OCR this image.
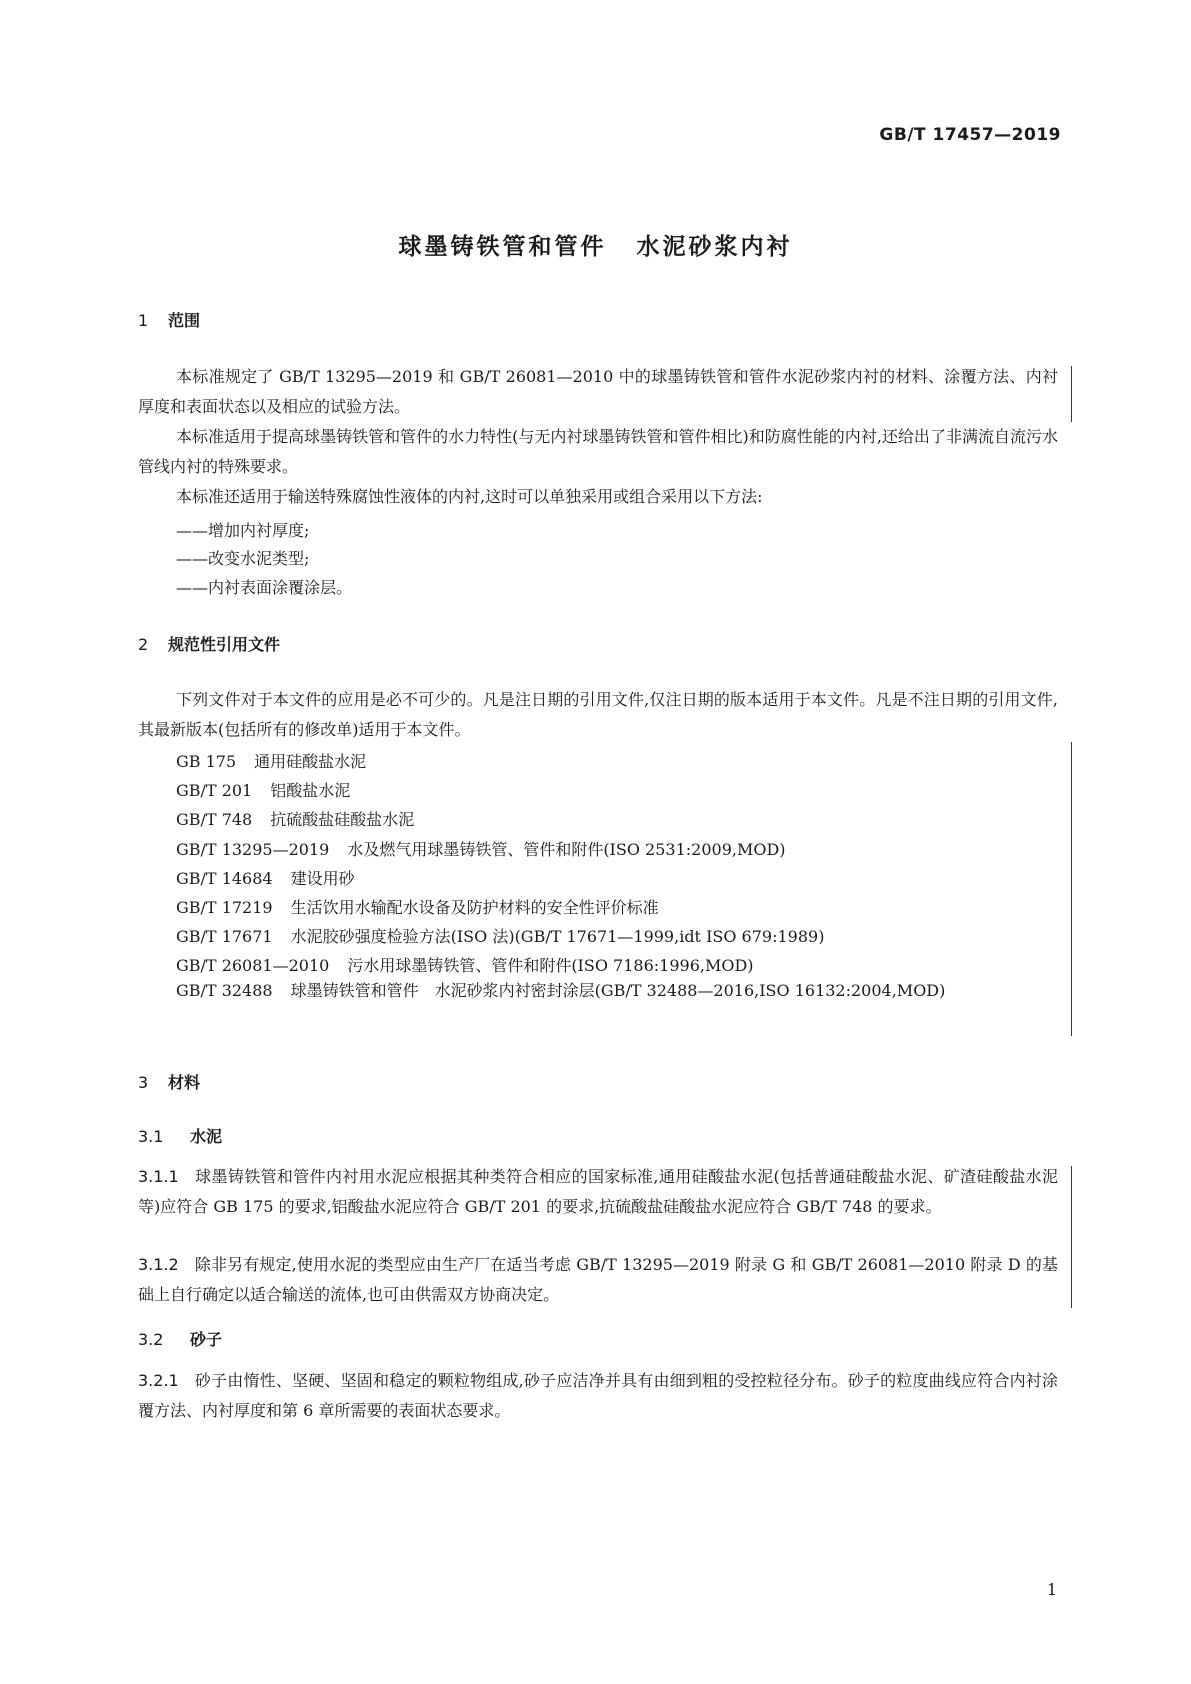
GB/T 17457—2019
球墨铸铁管和管件 水泥砂浆内衬
1 范围
本标准规定了 GB/T 13295—2019 和 GB/T 26081—2010 中的球墨铸铁管和管件水泥砂浆内衬的材料、涂覆方法、内衬厚度和表面状态以及相应的试验方法。
本标准适用于提高球墨铸铁管和管件的水力特性(与无内衬球墨铸铁管和管件相比)和防腐性能的内衬,还给出了非满流自流污水管线内衬的特殊要求。
本标准还适用于输送特殊腐蚀性液体的内衬,这时可以单独采用或组合采用以下方法:
——增加内衬厚度;
——改变水泥类型;
——内衬表面涂覆涂层。
2 规范性引用文件
下列文件对于本文件的应用是必不可少的。凡是注日期的引用文件,仅注日期的版本适用于本文件。凡是不注日期的引用文件,其最新版本(包括所有的修改单)适用于本文件。
GB 175 通用硅酸盐水泥
GB/T 201 铝酸盐水泥
GB/T 748 抗硫酸盐硅酸盐水泥
GB/T 13295—2019 水及燃气用球墨铸铁管、管件和附件(ISO 2531:2009,MOD)
GB/T 14684 建设用砂
GB/T 17219 生活饮用水输配水设备及防护材料的安全性评价标准
GB/T 17671 水泥胶砂强度检验方法(ISO 法)(GB/T 17671—1999,idt ISO 679:1989)
GB/T 26081—2010 污水用球墨铸铁管、管件和附件(ISO 7186:1996,MOD)
GB/T 32488 球墨铸铁管和管件　水泥砂浆内衬密封涂层(GB/T 32488—2016,ISO 16132:2004,MOD)
3 材料
3.1 水泥
3.1.1 球墨铸铁管和管件内衬用水泥应根据其种类符合相应的国家标准,通用硅酸盐水泥(包括普通硅酸盐水泥、矿渣硅酸盐水泥等)应符合 GB 175 的要求,铝酸盐水泥应符合 GB/T 201 的要求,抗硫酸盐硅酸盐水泥应符合 GB/T 748 的要求。
3.1.2 除非另有规定,使用水泥的类型应由生产厂在适当考虑 GB/T 13295—2019 附录 G 和 GB/T 26081—2010 附录 D 的基础上自行确定以适合输送的流体,也可由供需双方协商决定。
3.2 砂子
3.2.1 砂子由惰性、坚硬、坚固和稳定的颗粒物组成,砂子应洁净并具有由细到粗的受控粒径分布。砂子的粒度曲线应符合内衬涂覆方法、内衬厚度和第 6 章所需要的表面状态要求。
1
